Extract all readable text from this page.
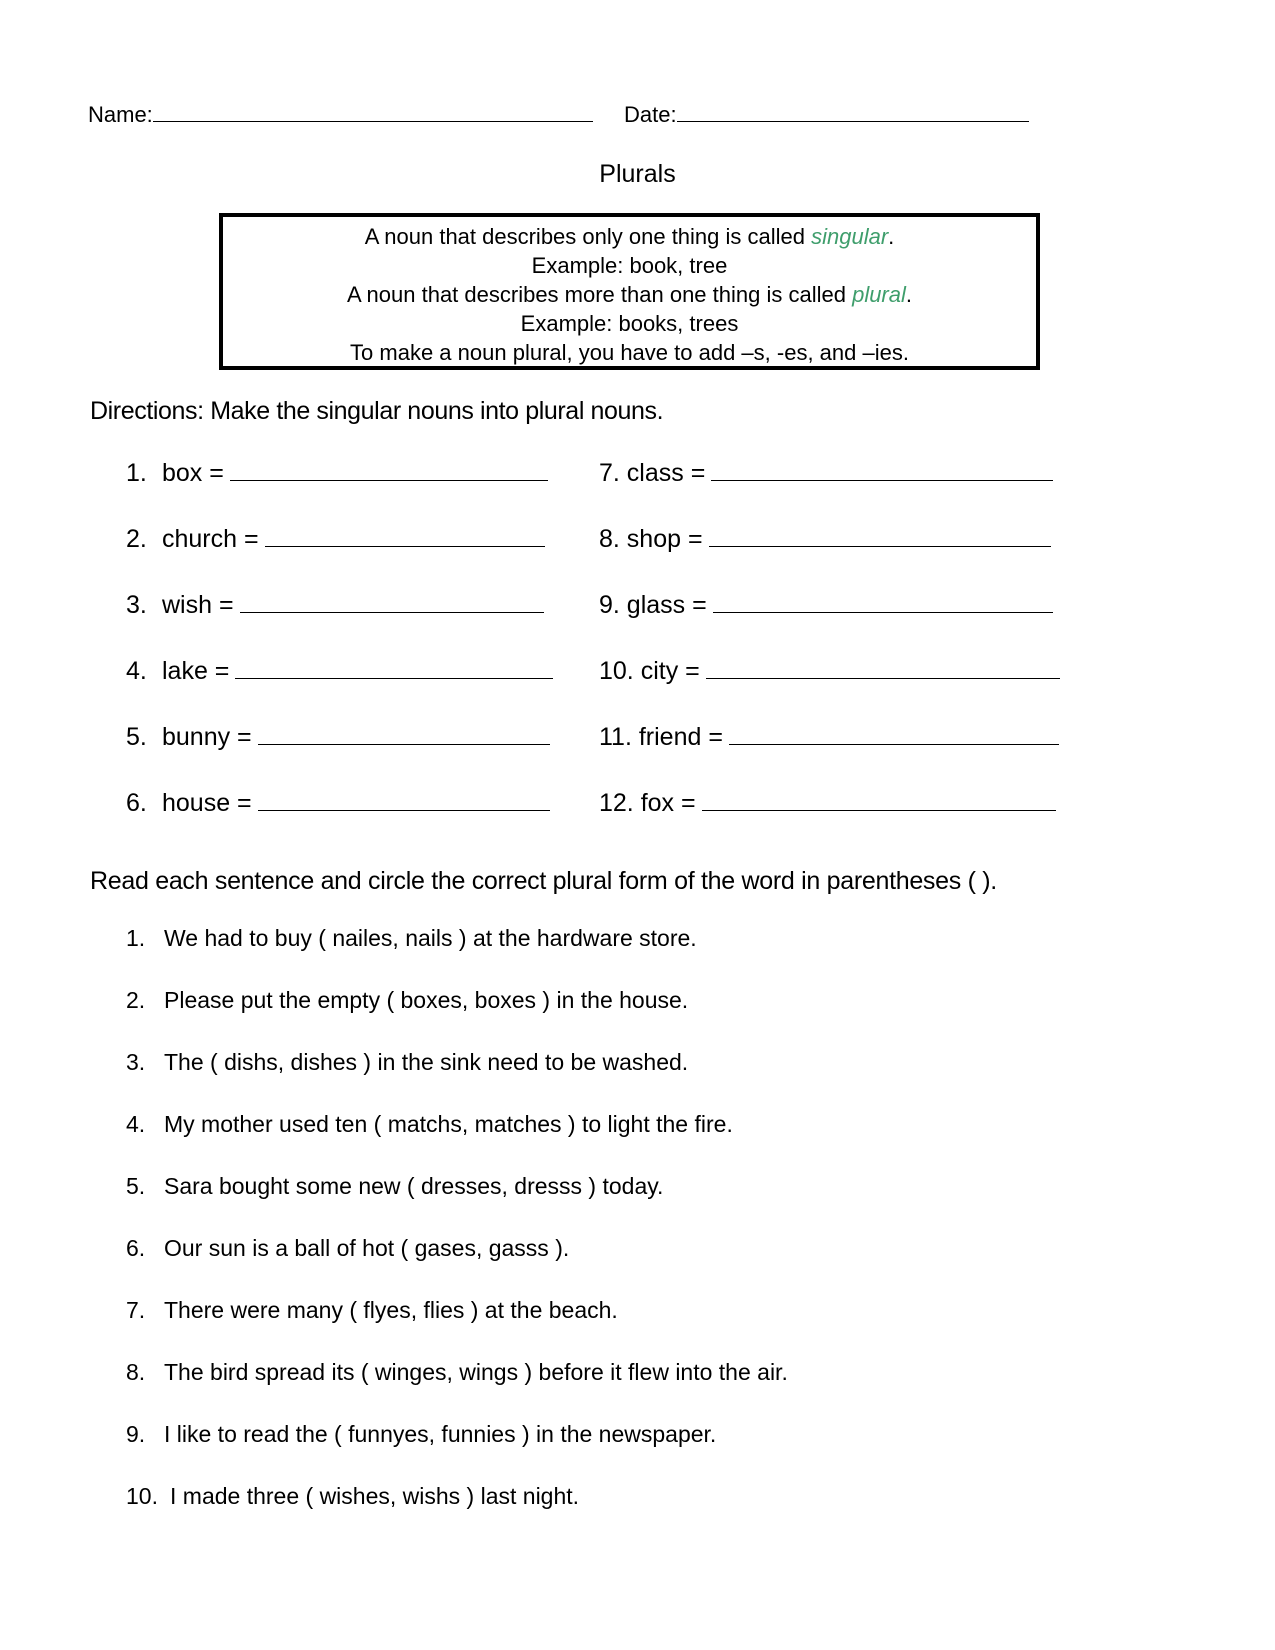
Name:	Date:
Plurals
A noun that describes only one thing is called singular.
Example: book, tree
A noun that describes more than one thing is called plural.
Example: books, trees
To make a noun plural, you have to add –s, -es, and –ies.
Directions: Make the singular nouns into plural nouns.
1. box =
2. church =
3. wish =
4. lake =
5. bunny =
6. house =
7. class =
8. shop =
9. glass =
10. city =
11. friend =
12. fox =
Read each sentence and circle the correct plural form of the word in parentheses ( ).
1. We had to buy ( nailes, nails ) at the hardware store.
2. Please put the empty ( boxes, boxes ) in the house.
3. The ( dishs, dishes ) in the sink need to be washed.
4. My mother used ten ( matchs, matches ) to light the fire.
5. Sara bought some new ( dresses, dresss ) today.
6. Our sun is a ball of hot ( gases, gasss ).
7. There were many ( flyes, flies ) at the beach.
8. The bird spread its ( winges, wings ) before it flew into the air.
9. I like to read the ( funnyes, funnies ) in the newspaper.
10. I made three ( wishes, wishs ) last night.
